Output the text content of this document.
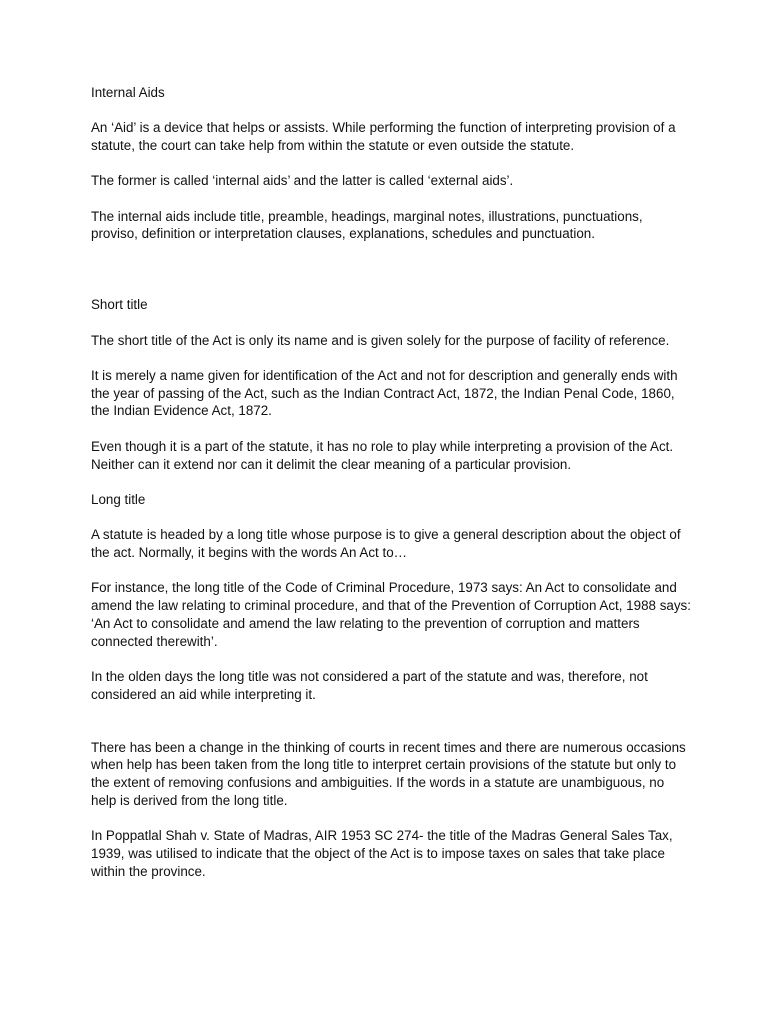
Internal Aids

An ‘Aid’ is a device that helps or assists. While performing the function of interpreting provision of a statute, the court can take help from within the statute or even outside the statute.

The former is called ‘internal aids’ and the latter is called ‘external aids’.

The internal aids include title, preamble, headings, marginal notes, illustrations, punctuations, proviso, definition or interpretation clauses, explanations, schedules and punctuation.

Short title

The short title of the Act is only its name and is given solely for the purpose of facility of reference.

It is merely a name given for identification of the Act and not for description and generally ends with the year of passing of the Act, such as the Indian Contract Act, 1872, the Indian Penal Code, 1860, the Indian Evidence Act, 1872.

Even though it is a part of the statute, it has no role to play while interpreting a provision of the Act. Neither can it extend nor can it delimit the clear meaning of a particular provision.

Long title

A statute is headed by a long title whose purpose is to give a general description about the object of the act. Normally, it begins with the words An Act to…

For instance, the long title of the Code of Criminal Procedure, 1973 says: An Act to consolidate and amend the law relating to criminal procedure, and that of the Prevention of Corruption Act, 1988 says: ‘An Act to consolidate and amend the law relating to the prevention of corruption and matters connected therewith’.

In the olden days the long title was not considered a part of the statute and was, therefore, not considered an aid while interpreting it.

There has been a change in the thinking of courts in recent times and there are numerous occasions when help has been taken from the long title to interpret certain provisions of the statute but only to the extent of removing confusions and ambiguities. If the words in a statute are unambiguous, no help is derived from the long title.

In Poppatlal Shah v. State of Madras, AIR 1953 SC 274- the title of the Madras General Sales Tax, 1939, was utilised to indicate that the object of the Act is to impose taxes on sales that take place within the province.
